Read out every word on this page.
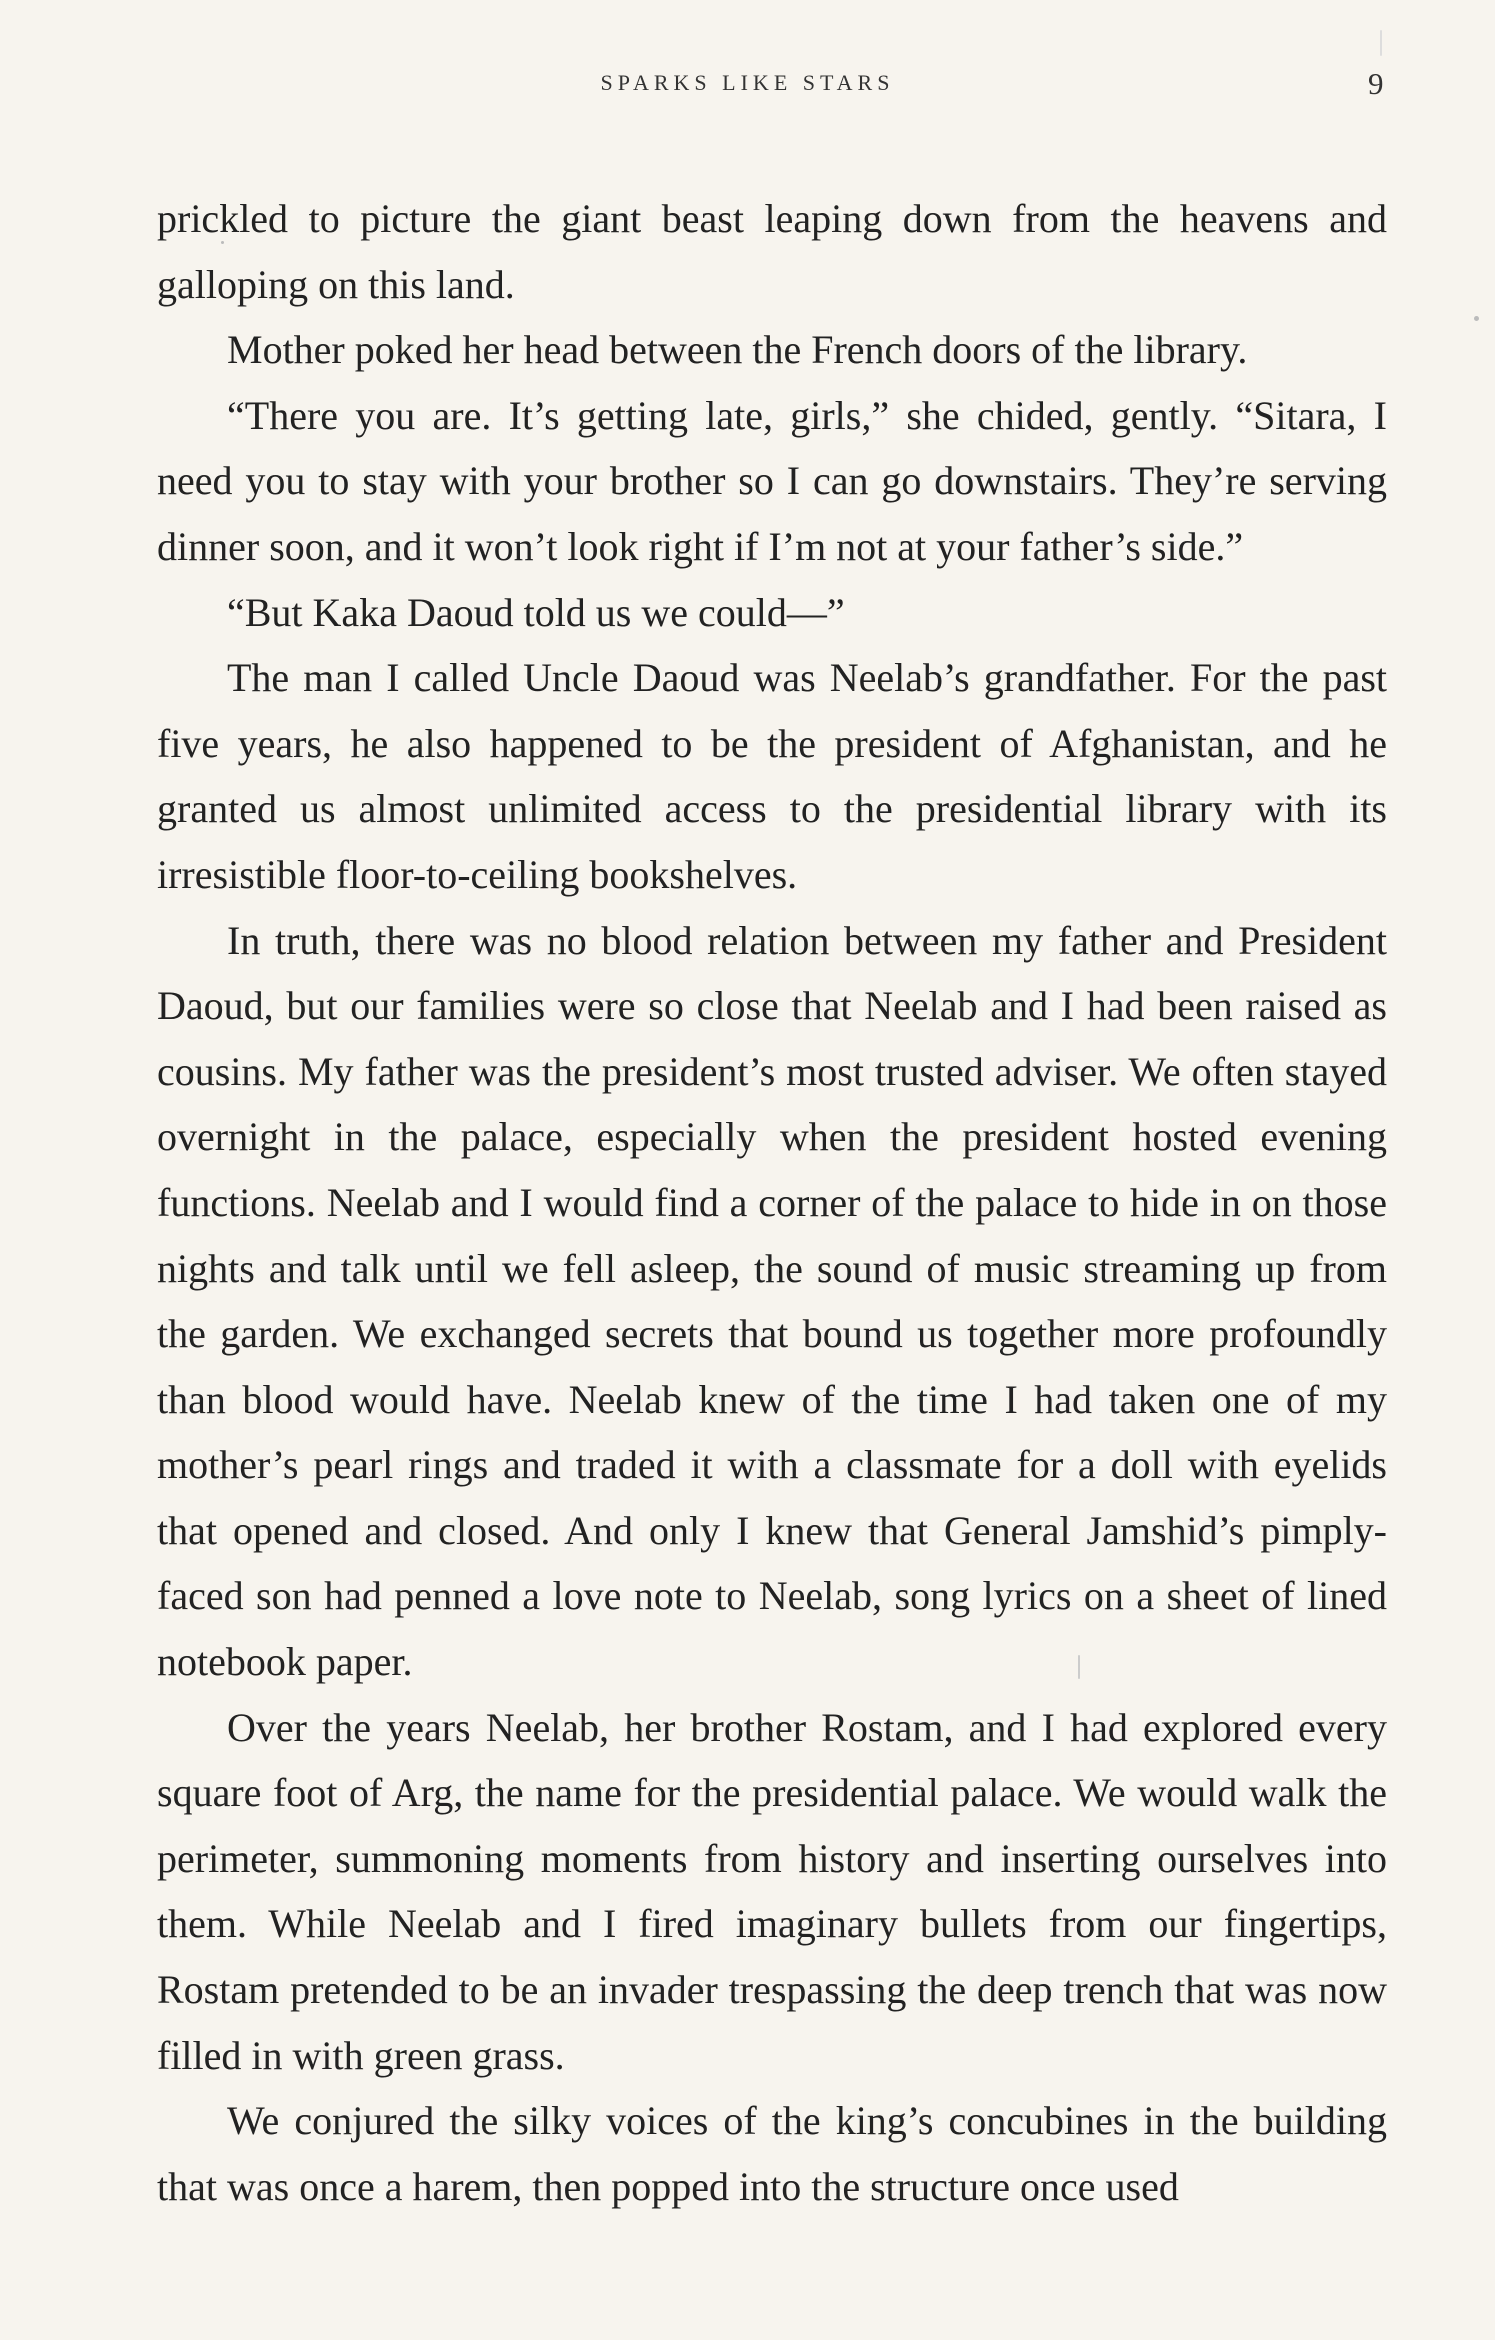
SPARKS LIKE STARS	9

prickled to picture the giant beast leaping down from the heavens and galloping on this land.

Mother poked her head between the French doors of the library.

“There you are. It’s getting late, girls,” she chided, gently. “Sitara, I need you to stay with your brother so I can go downstairs. They’re serving dinner soon, and it won’t look right if I’m not at your father’s side.”

“But Kaka Daoud told us we could—”

The man I called Uncle Daoud was Neelab’s grandfather. For the past five years, he also happened to be the president of Afghanistan, and he granted us almost unlimited access to the presidential library with its irresistible floor-to-ceiling bookshelves.

In truth, there was no blood relation between my father and President Daoud, but our families were so close that Neelab and I had been raised as cousins. My father was the president’s most trusted adviser. We often stayed overnight in the palace, especially when the president hosted evening functions. Neelab and I would find a corner of the palace to hide in on those nights and talk until we fell asleep, the sound of music streaming up from the garden. We exchanged secrets that bound us together more profoundly than blood would have. Neelab knew of the time I had taken one of my mother’s pearl rings and traded it with a classmate for a doll with eyelids that opened and closed. And only I knew that General Jamshid’s pimply-faced son had penned a love note to Neelab, song lyrics on a sheet of lined notebook paper.

Over the years Neelab, her brother Rostam, and I had explored every square foot of Arg, the name for the presidential palace. We would walk the perimeter, summoning moments from history and inserting ourselves into them. While Neelab and I fired imaginary bullets from our fingertips, Rostam pretended to be an invader trespassing the deep trench that was now filled in with green grass.

We conjured the silky voices of the king’s concubines in the building that was once a harem, then popped into the structure once used
